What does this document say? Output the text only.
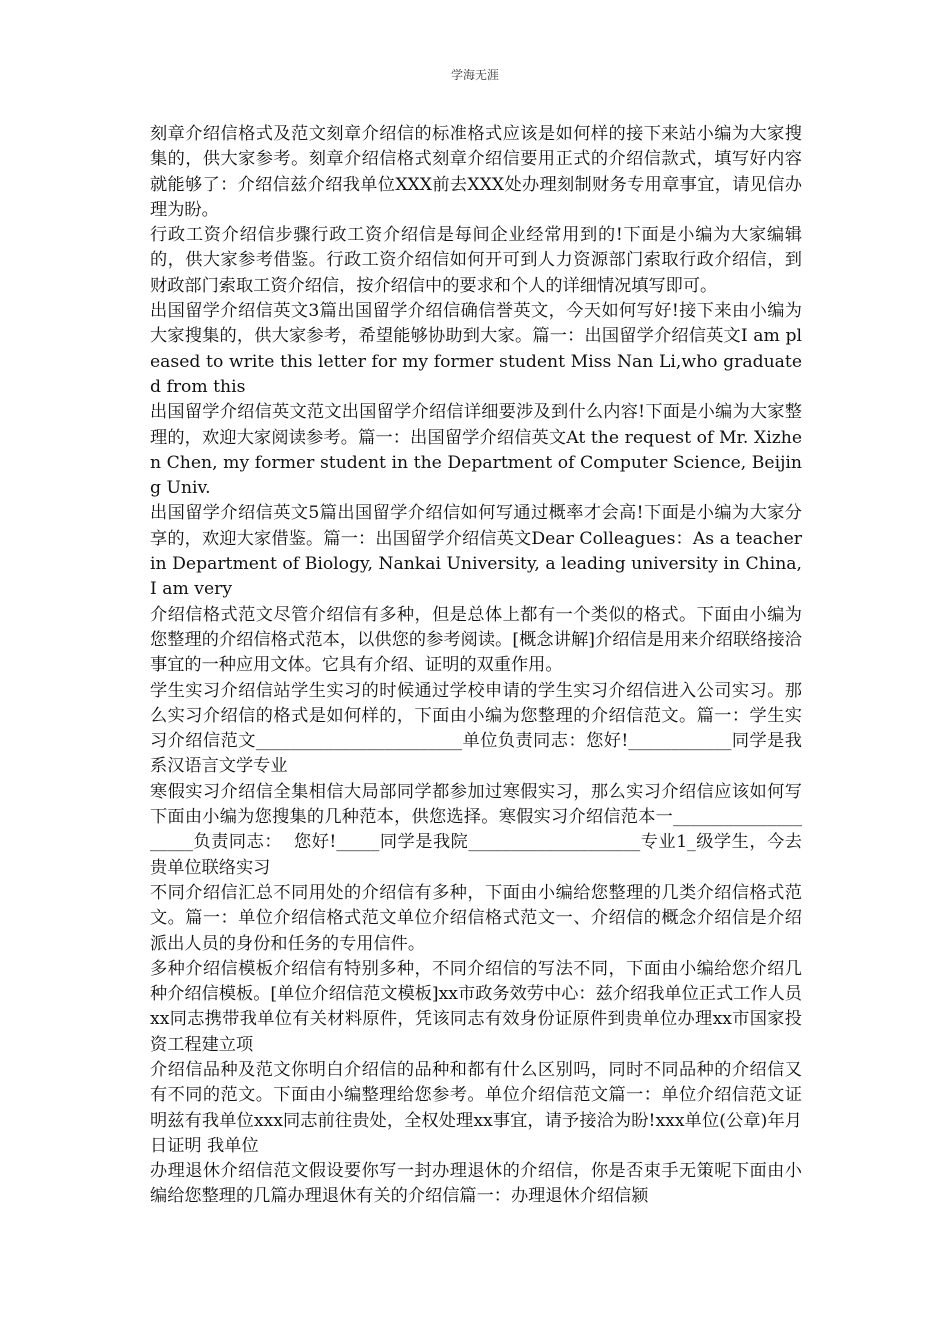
学海无涯

刻章介绍信格式及范文刻章介绍信的标准格式应该是如何样的接下来站小编为大家搜集的，供大家参考。刻章介绍信格式刻章介绍信要用正式的介绍信款式，填写好内容就能够了：介绍信兹介绍我单位XXX前去XXX处办理刻制财务专用章事宜，请见信办理为盼。

行政工资介绍信步骤行政工资介绍信是每间企业经常用到的!下面是小编为大家编辑的，供大家参考借鉴。行政工资介绍信如何开可到人力资源部门索取行政介绍信，到财政部门索取工资介绍信，按介绍信中的要求和个人的详细情况填写即可。

出国留学介绍信英文3篇出国留学介绍信确信誉英文，今天如何写好!接下来由小编为大家搜集的，供大家参考，希望能够协助到大家。篇一：出国留学介绍信英文I am pleased to write this letter for my former student Miss Nan Li,who graduated from this

出国留学介绍信英文范文出国留学介绍信详细要涉及到什么内容!下面是小编为大家整理的，欢迎大家阅读参考。篇一：出国留学介绍信英文At the request of Mr. Xizhen Chen, my former student in the Department of Computer Science, Beijing Univ.

出国留学介绍信英文5篇出国留学介绍信如何写通过概率才会高!下面是小编为大家分享的，欢迎大家借鉴。篇一：出国留学介绍信英文Dear Colleagues：As a teacher in Department of Biology, Nankai University, a leading university in China, I am very

介绍信格式范文尽管介绍信有多种，但是总体上都有一个类似的格式。下面由小编为您整理的介绍信格式范本，以供您的参考阅读。[概念讲解]介绍信是用来介绍联络接洽事宜的一种应用文体。它具有介绍、证明的双重作用。

学生实习介绍信站学生实习的时候通过学校申请的学生实习介绍信进入公司实习。那么实习介绍信的格式是如何样的，下面由小编为您整理的介绍信范文。篇一：学生实习介绍信范文________________________单位负责同志：您好!____________同学是我系汉语言文学专业

寒假实习介绍信全集相信大局部同学都参加过寒假实习，那么实习介绍信应该如何写下面由小编为您搜集的几种范本，供您选择。寒假实习介绍信范本一____________________负责同志：  您好!_____同学是我院____________________专业1_级学生，今去贵单位联络实习

不同介绍信汇总不同用处的介绍信有多种，下面由小编给您整理的几类介绍信格式范文。篇一：单位介绍信格式范文单位介绍信格式范文一、介绍信的概念介绍信是介绍派出人员的身份和任务的专用信件。

多种介绍信模板介绍信有特别多种，不同介绍信的写法不同，下面由小编给您介绍几种介绍信模板。[单位介绍信范文模板]xx市政务效劳中心：兹介绍我单位正式工作人员xx同志携带我单位有关材料原件，凭该同志有效身份证原件到贵单位办理xx市国家投资工程建立项

介绍信品种及范文你明白介绍信的品种和都有什么区别吗，同时不同品种的介绍信又有不同的范文。下面由小编整理给您参考。单位介绍信范文篇一：单位介绍信范文证明兹有我单位xxx同志前往贵处，全权处理xx事宜，请予接洽为盼!xxx单位(公章)年月日证明 我单位

办理退休介绍信范文假设要你写一封办理退休的介绍信，你是否束手无策呢下面由小编给您整理的几篇办理退休有关的介绍信篇一：办理退休介绍信颍
